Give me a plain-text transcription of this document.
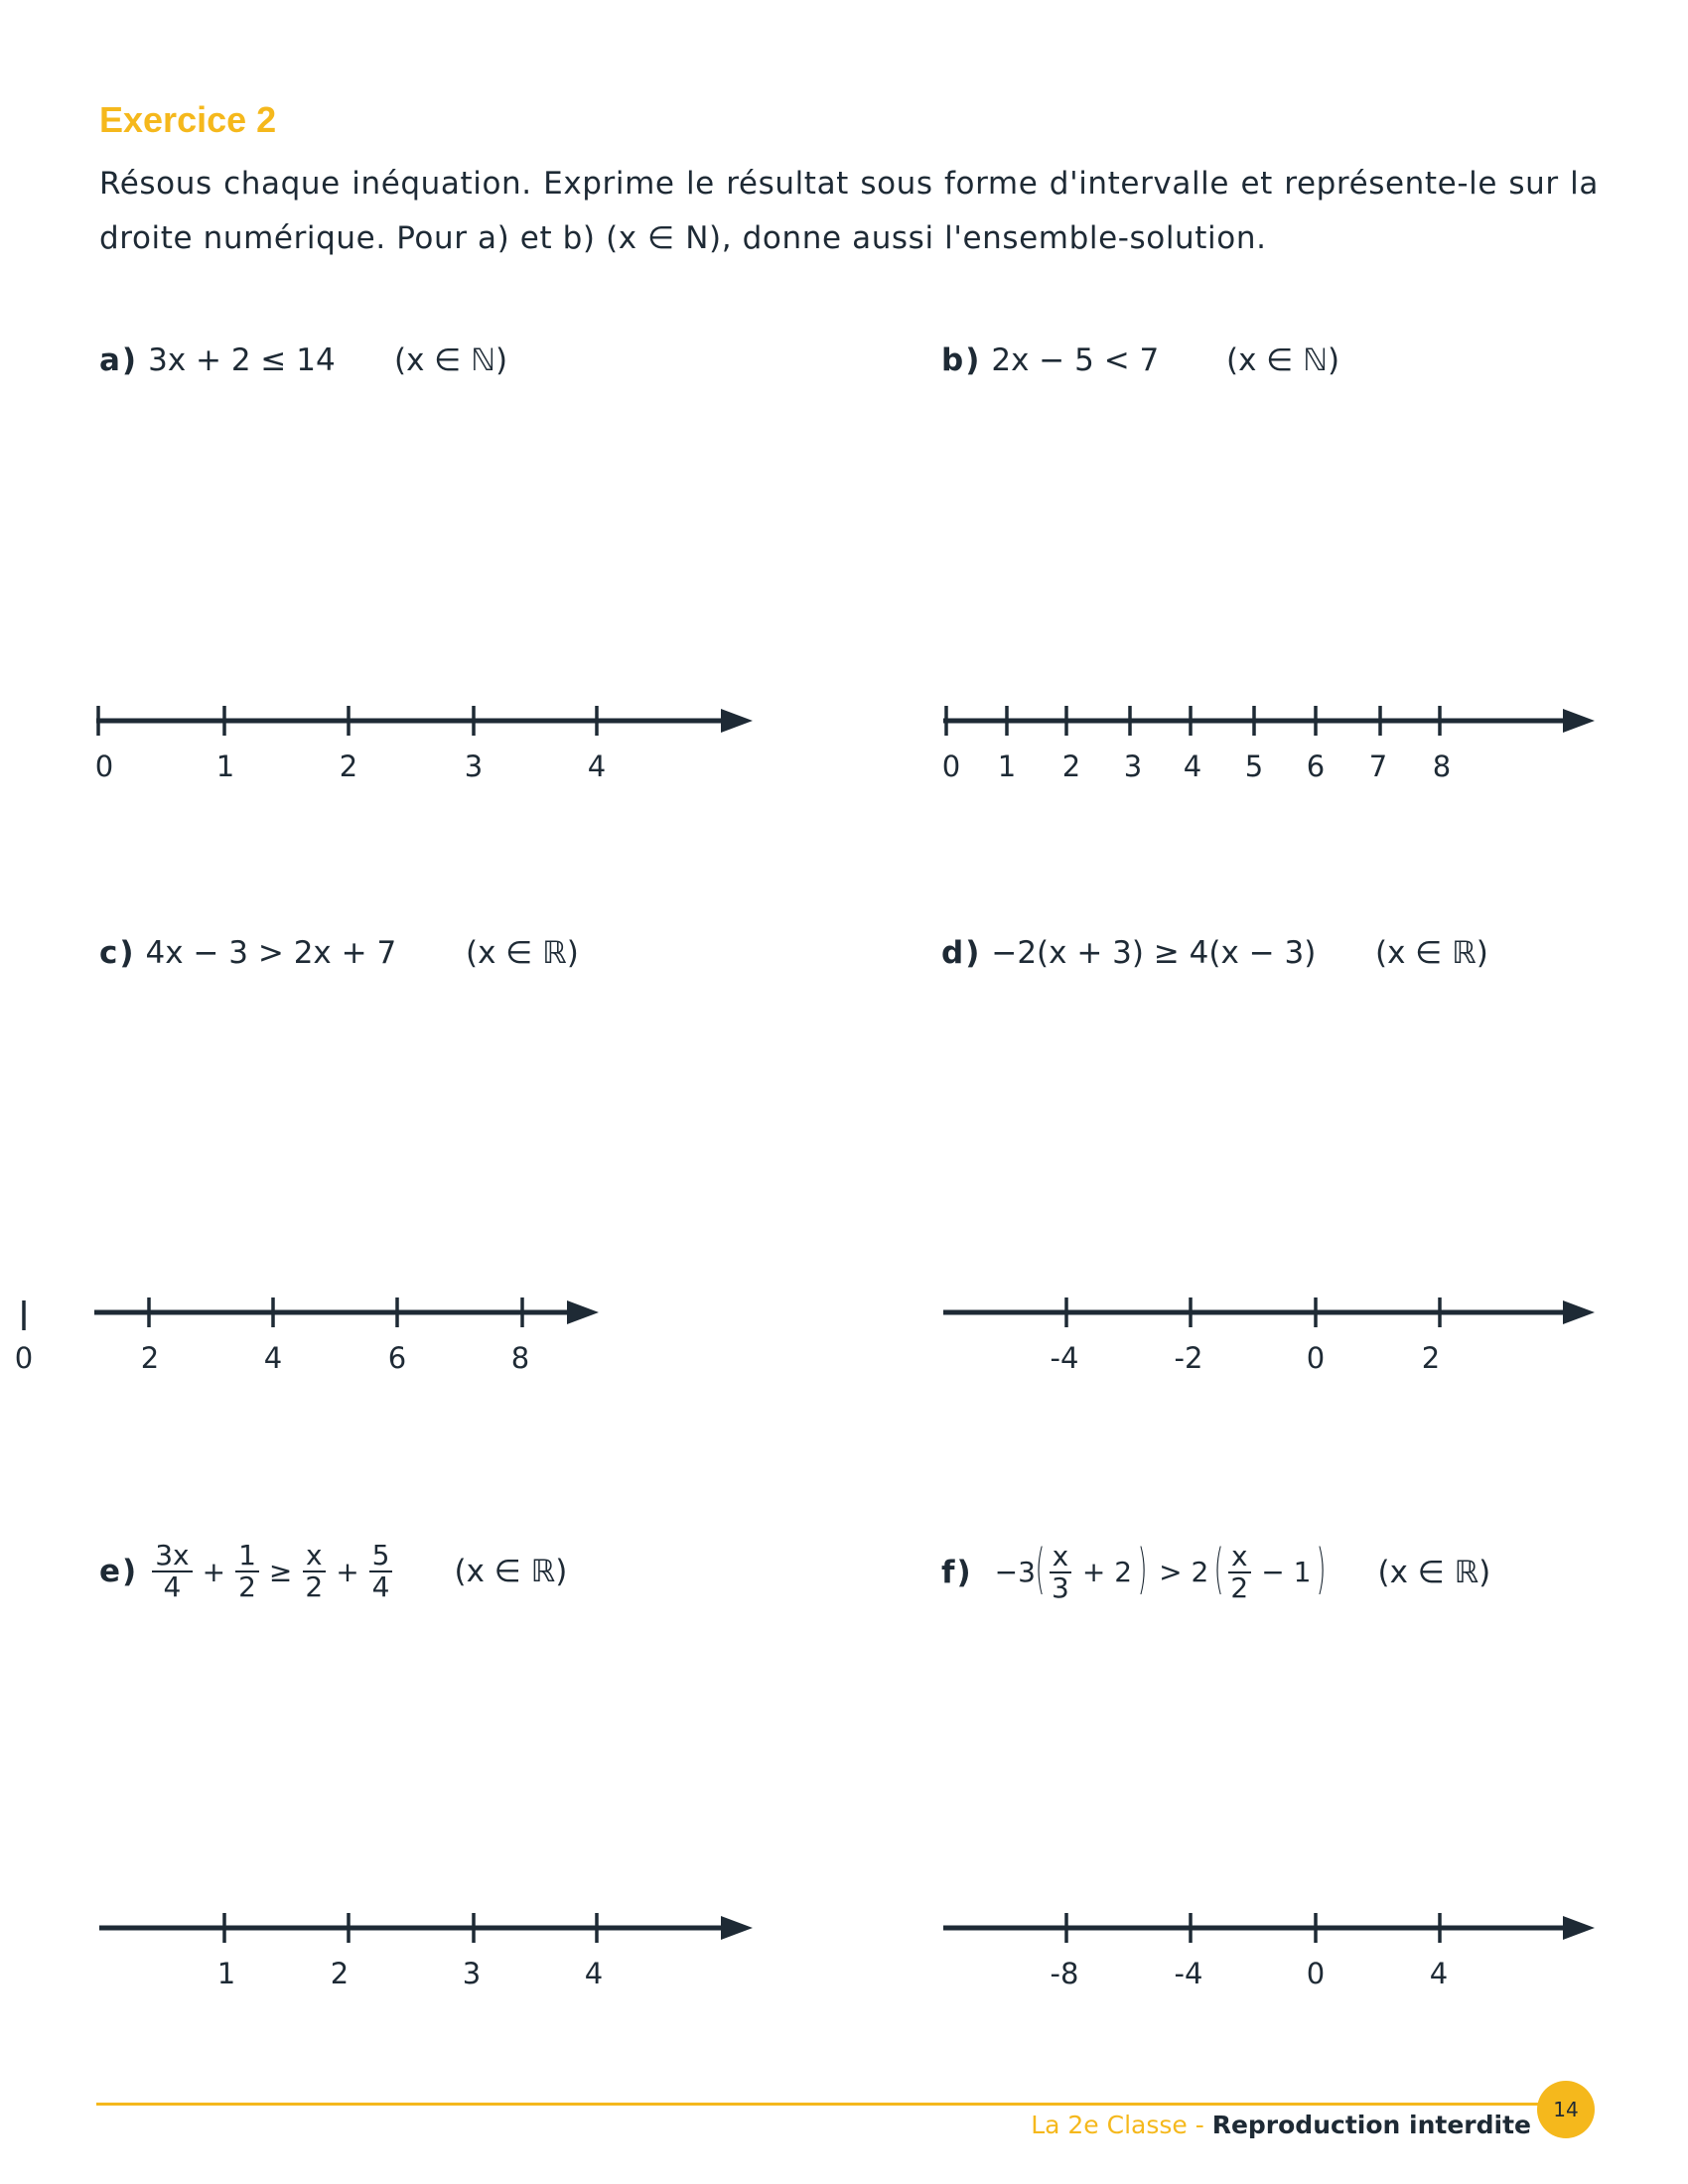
Exercice 2
Résous chaque inéquation. Exprime le résultat sous forme d'intervalle et représente-le sur la droite numérique. Pour a) et b) (x ∈ N), donne aussi l'ensemble-solution.
a) 3x + 2 ≤ 14 (x ∈ ℕ)	b) 2x − 5 < 7 (x ∈ ℕ)
c) 4x − 3 > 2x + 7 (x ∈ ℝ)	d) −2(x + 3) ≥ 4(x − 3) (x ∈ ℝ)
$e) \frac{3x}{4} + \frac{1}{2} \ge \frac{x}{2} + \frac{5}{4} (x$ ∈ ℝ)	f) −3 ( $\frac{x}{3} + 2$ ) > 2 ( $\frac{x}{2} - 1$ ) (x ∈ ℝ)
0	1	2	3	4	0 1 2 3 4 5 6 7 8
2	4	6	8
0	-4	-2	0	2
1	2	3	4	-8	-4	0	4
La 2e Classe - Reproduction interdite
14
